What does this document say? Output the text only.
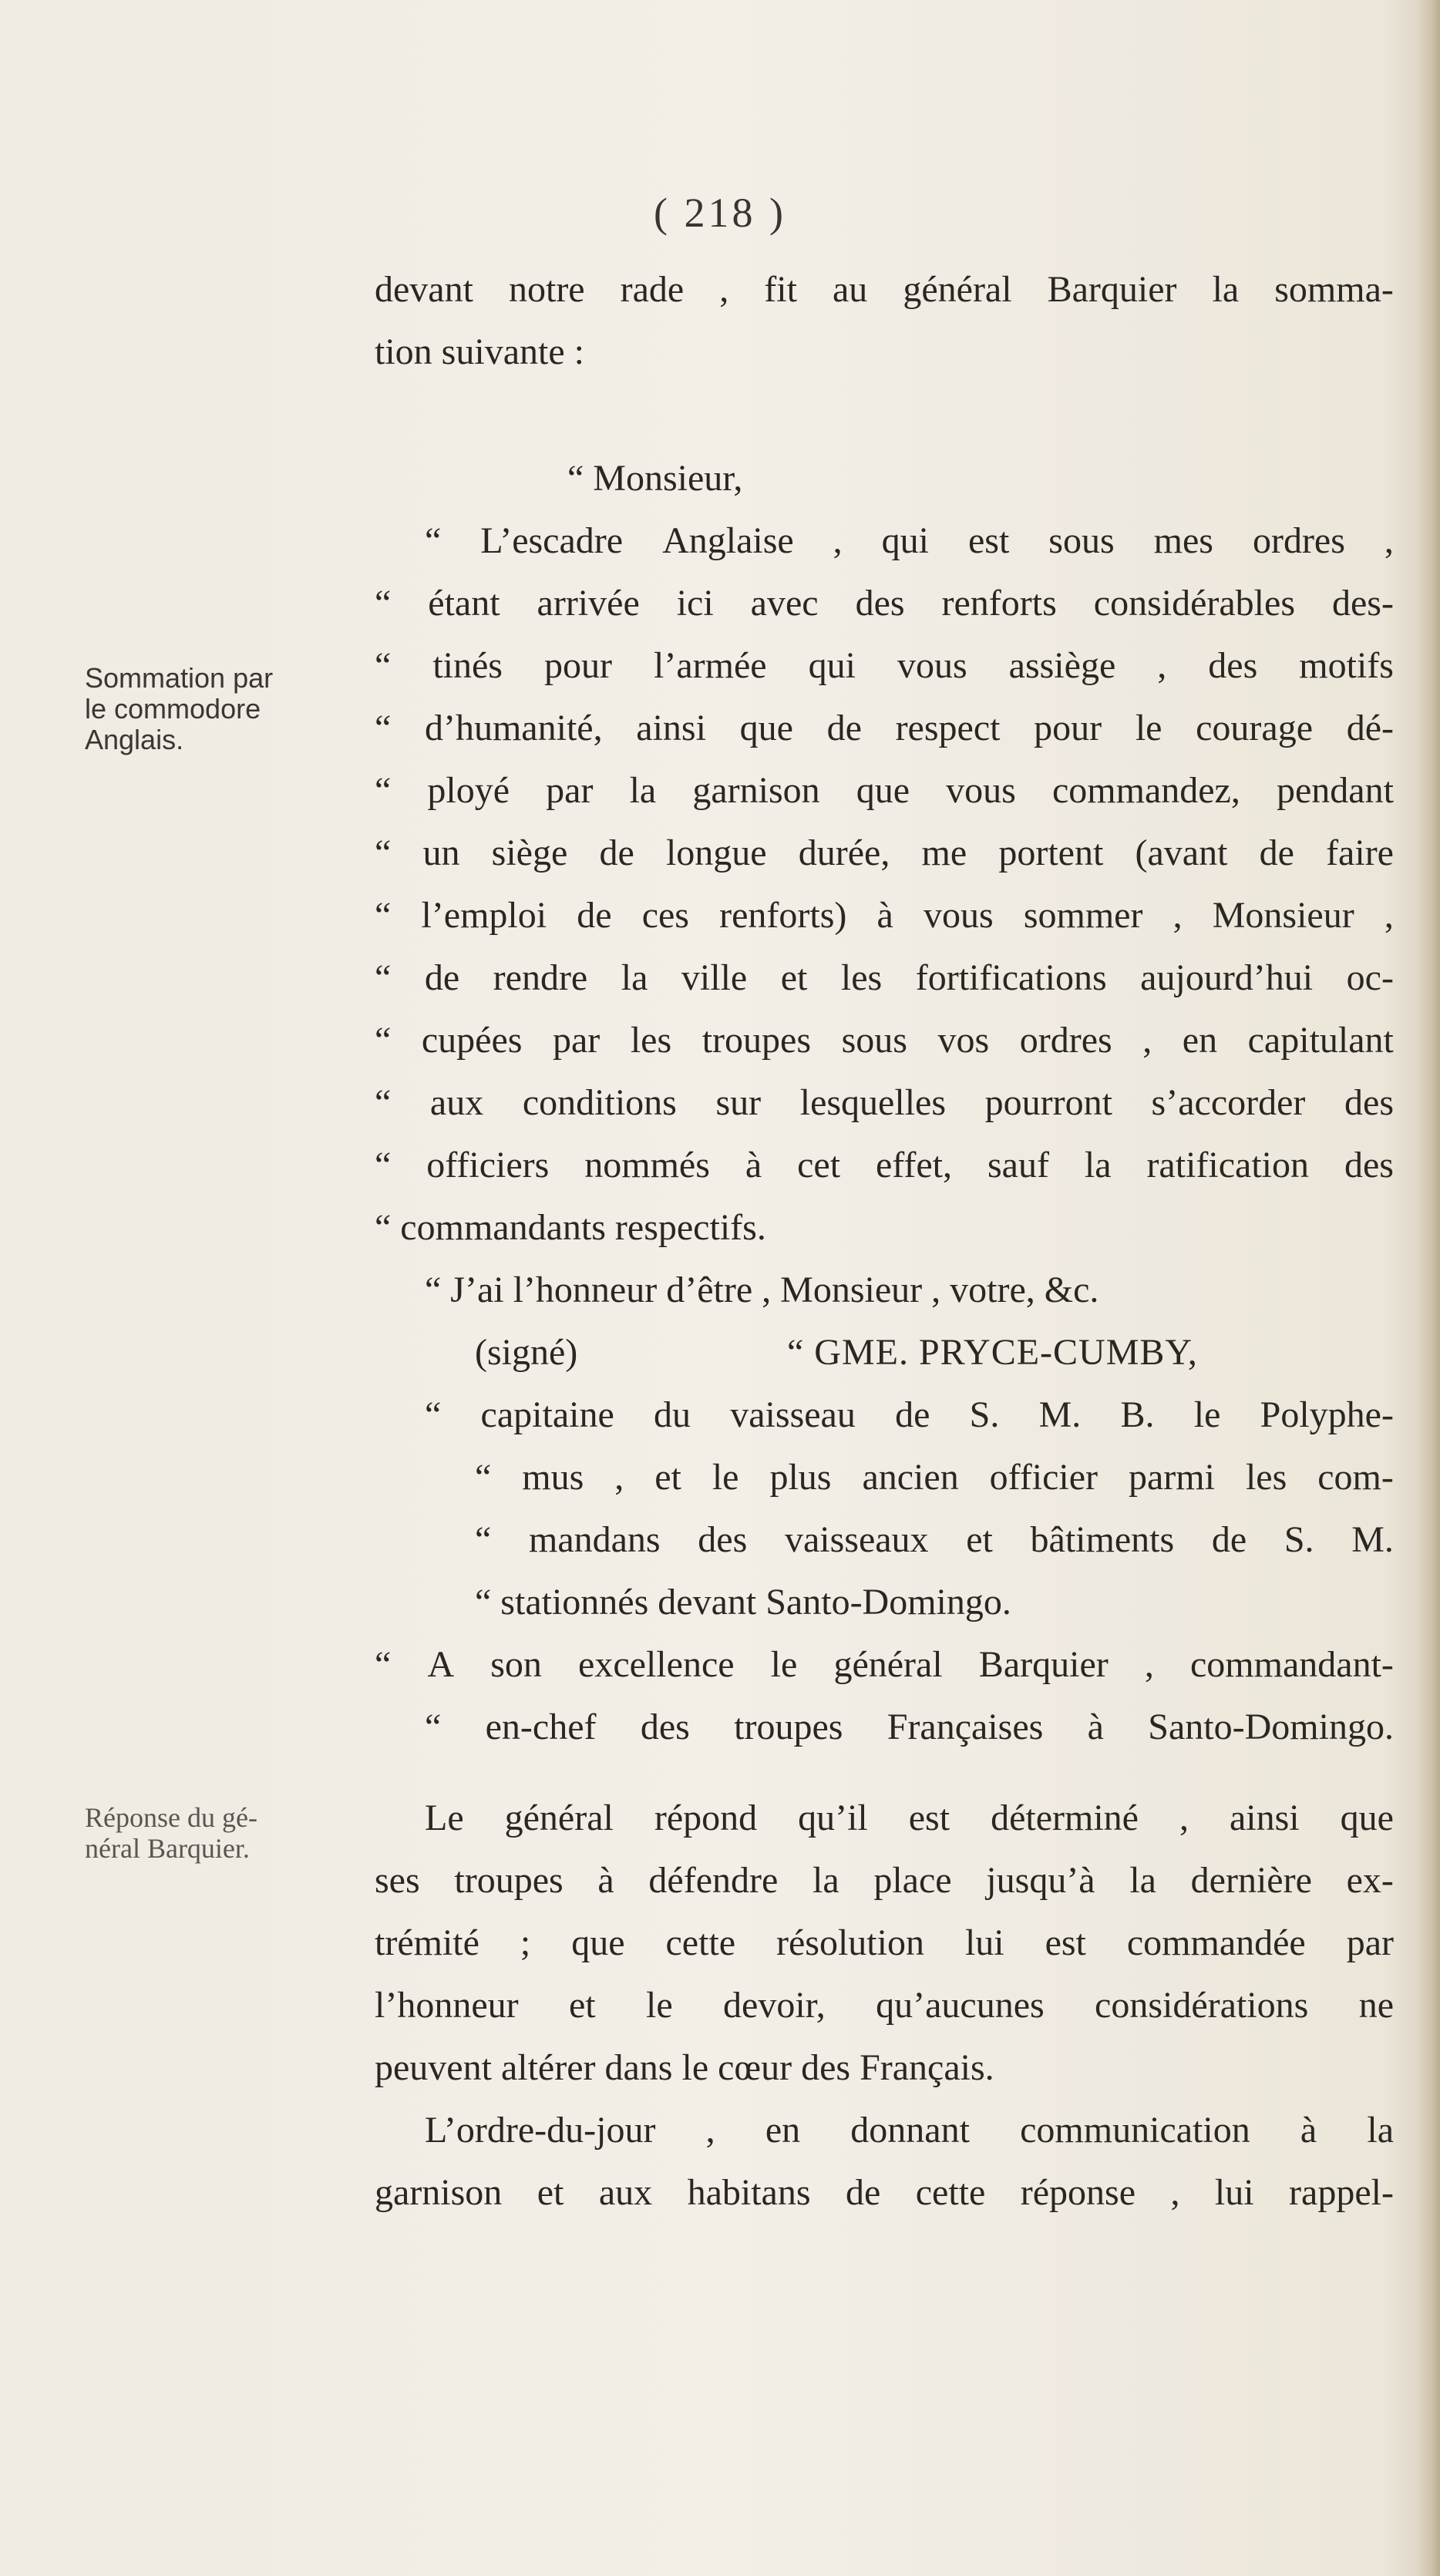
( 218 )
Sommation par
le commodore
Anglais.
Réponse du gé-
néral Barquier.
devant notre rade , fit au général Barquier la somma-
tion suivante :
“ Monsieur,
“ L’escadre Anglaise , qui est sous mes ordres ,
“ étant arrivée ici avec des renforts considérables des-
“ tinés pour l’armée qui vous assiège , des motifs
“ d’humanité, ainsi que de respect pour le courage dé-
“ ployé par la garnison que vous commandez, pendant
“ un siège de longue durée, me portent (avant de faire
“ l’emploi de ces renforts) à vous sommer , Monsieur ,
“ de rendre la ville et les fortifications aujourd’hui oc-
“ cupées par les troupes sous vos ordres , en capitulant
“ aux conditions sur lesquelles pourront s’accorder des
“ officiers nommés à cet effet, sauf la ratification des
“ commandants respectifs.
“ J’ai l’honneur d’être , Monsieur , votre, &c.
(signé)	“ GME. PRYCE-CUMBY,
“ capitaine du vaisseau de S. M. B. le Polyphe-
“ mus , et le plus ancien officier parmi les com-
“ mandans des vaisseaux et bâtiments de S. M.
“ stationnés devant Santo-Domingo.
“ A son excellence le général Barquier , commandant-
“ en-chef des troupes Françaises à Santo-Domingo.
Le général répond qu’il est déterminé , ainsi que
ses troupes à défendre la place jusqu’à la dernière ex-
trémité ; que cette résolution lui est commandée par
l’honneur et le devoir, qu’aucunes considérations ne
peuvent altérer dans le cœur des Français.
L’ordre-du-jour , en donnant communication à la
garnison et aux habitans de cette réponse , lui rappel-
